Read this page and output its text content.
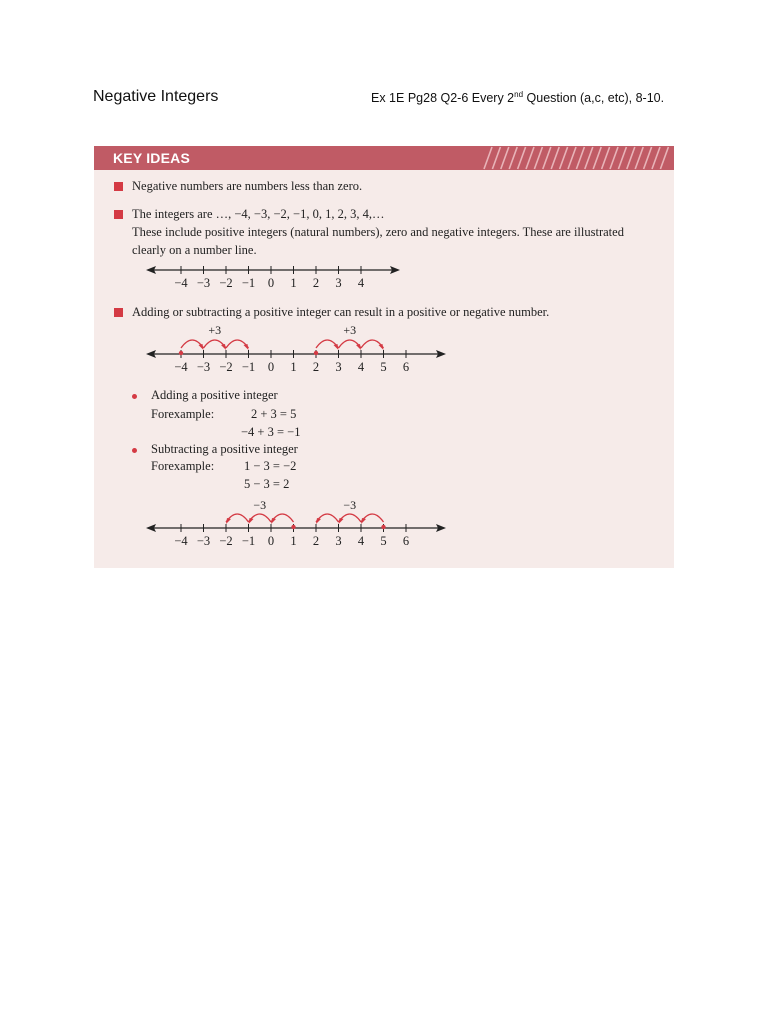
Negative Integers	Ex 1E Pg28 Q2-6 Every 2nd Question (a,c, etc), 8-10.
KEY IDEAS
Negative numbers are numbers less than zero.
The integers are …, −4, −3, −2, −1, 0, 1, 2, 3, 4,…
These include positive integers (natural numbers), zero and negative integers. These are illustrated
clearly on a number line.
−4 −3 −2 −1 0 1 2 3 4
Adding or subtracting a positive integer can result in a positive or negative number.
−4 −3 −2 −1 0 1 2 3 4 5 6
+3	+3
Adding a positive integer
Forexample:	2 + 3 = 5
−4 + 3 = −1
Subtracting a positive integer
Forexample: 1 − 3 = −2
5 − 3 = 2
−4 −3 −2 −1 0 1 2 3 4 5 6
−3	−3
